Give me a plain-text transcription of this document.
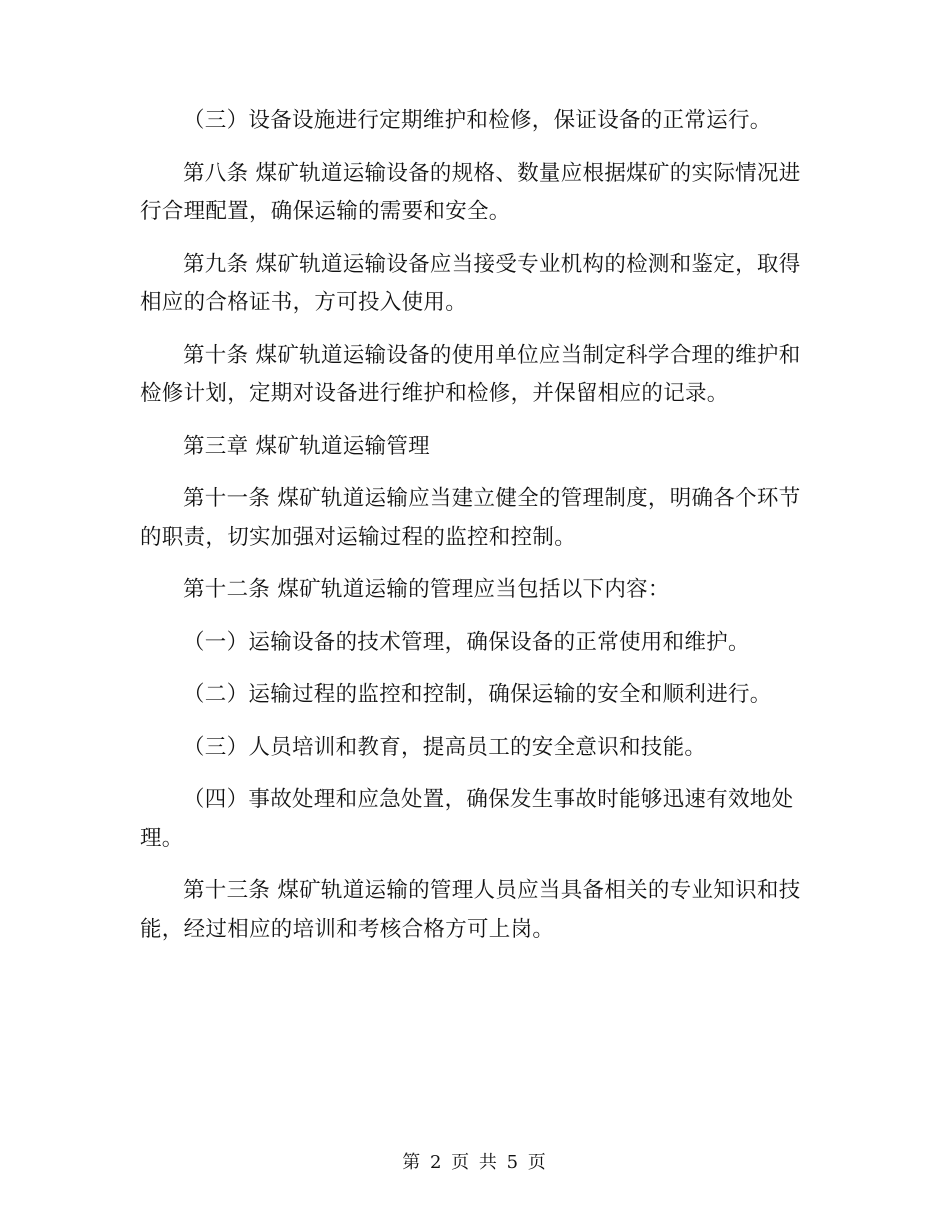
（三）设备设施进行定期维护和检修，保证设备的正常运行。

第八条 煤矿轨道运输设备的规格、数量应根据煤矿的实际情况进行合理配置，确保运输的需要和安全。

第九条 煤矿轨道运输设备应当接受专业机构的检测和鉴定，取得相应的合格证书，方可投入使用。

第十条 煤矿轨道运输设备的使用单位应当制定科学合理的维护和检修计划，定期对设备进行维护和检修，并保留相应的记录。

第三章 煤矿轨道运输管理

第十一条 煤矿轨道运输应当建立健全的管理制度，明确各个环节的职责，切实加强对运输过程的监控和控制。

第十二条 煤矿轨道运输的管理应当包括以下内容：

（一）运输设备的技术管理，确保设备的正常使用和维护。

（二）运输过程的监控和控制，确保运输的安全和顺利进行。

（三）人员培训和教育，提高员工的安全意识和技能。

（四）事故处理和应急处置，确保发生事故时能够迅速有效地处理。

第十三条 煤矿轨道运输的管理人员应当具备相关的专业知识和技能，经过相应的培训和考核合格方可上岗。

第 2 页 共 5 页
